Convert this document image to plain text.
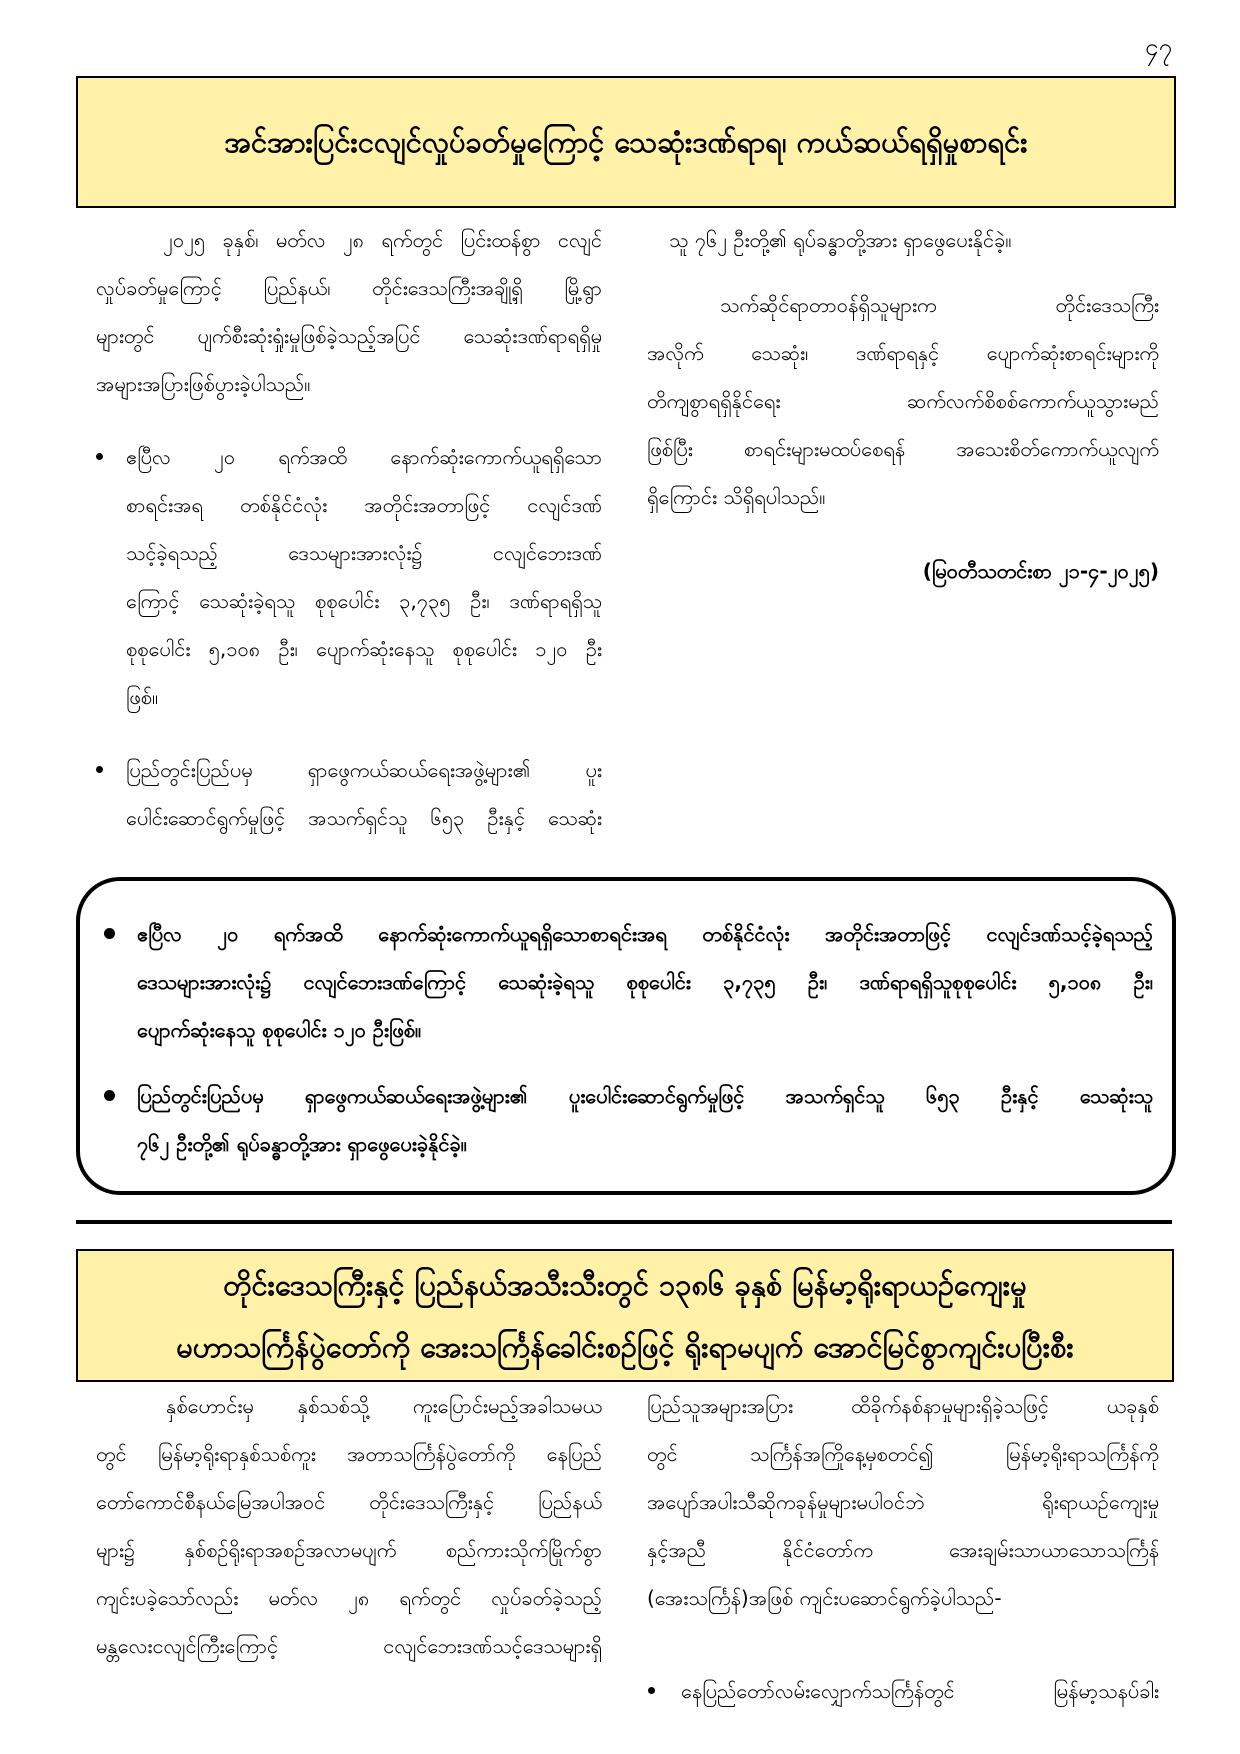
၄၇
အင်အားပြင်းငလျင်လှုပ်ခတ်မှုကြောင့် သေဆုံးဒဏ်ရာရ၊ ကယ်ဆယ်ရရှိမှုစာရင်း
၂၀၂၅ ခုနှစ်၊ မတ်လ ၂၈ ရက်တွင် ပြင်းထန်စွာ ငလျင်
လှုပ်ခတ်မှုကြောင့် ပြည်နယ်၊ တိုင်းဒေသကြီးအချို့ရှိ မြို့ရွာ
များတွင် ပျက်စီးဆုံးရှုံးမှုဖြစ်ခဲ့သည့်အပြင် သေဆုံးဒဏ်ရာရရှိမှု
အများအပြားဖြစ်ပွားခဲ့ပါသည်။
ဧပြီလ ၂၀ ရက်အထိ နောက်ဆုံးကောက်ယူရရှိသော
စာရင်းအရ တစ်နိုင်ငံလုံး အတိုင်းအတာဖြင့် ငလျင်ဒဏ်
သင့်ခဲ့ရသည့် ဒေသများအားလုံး၌ ငလျင်ဘေးဒဏ်
ကြောင့် သေဆုံးခဲ့ရသူ စုစုပေါင်း ၃,၇၃၅ ဦး၊ ဒဏ်ရာရရှိသူ
စုစုပေါင်း ၅,၁၀၈ ဦး၊ ပျောက်ဆုံးနေသူ စုစုပေါင်း ၁၂၀ ဦး
ဖြစ်။
ပြည်တွင်းပြည်ပမှ ရှာဖွေကယ်ဆယ်ရေးအဖွဲ့များ၏ ပူး
ပေါင်းဆောင်ရွက်မှုဖြင့် အသက်ရှင်သူ ၆၅၃ ဦးနှင့် သေဆုံး
သူ ၇၆၂ ဦးတို့၏ ရုပ်ခန္ဓာတို့အား ရှာဖွေပေးနိုင်ခဲ့။
သက်ဆိုင်ရာတာဝန်ရှိသူများက တိုင်းဒေသကြီး
အလိုက် သေဆုံး၊ ဒဏ်ရာရနှင့် ပျောက်ဆုံးစာရင်းများကို
တိကျစွာရရှိနိုင်ရေး ဆက်လက်စိစစ်ကောက်ယူသွားမည်
ဖြစ်ပြီး စာရင်းများမထပ်စေရန် အသေးစိတ်ကောက်ယူလျက်
ရှိကြောင်း သိရှိရပါသည်။
(မြဝတီသတင်းစာ ၂၁-၄-၂၀၂၅)
ဧပြီလ ၂၀ ရက်အထိ နောက်ဆုံးကောက်ယူရရှိသောစာရင်းအရ တစ်နိုင်ငံလုံး အတိုင်းအတာဖြင့် ငလျင်ဒဏ်သင့်ခဲ့ရသည့်
ဒေသများအားလုံး၌ ငလျင်ဘေးဒဏ်ကြောင့် သေဆုံးခဲ့ရသူ စုစုပေါင်း ၃,၇၃၅ ဦး၊ ဒဏ်ရာရရှိသူစုစုပေါင်း ၅,၁၀၈ ဦး၊
ပျောက်ဆုံးနေသူ စုစုပေါင်း ၁၂၀ ဦးဖြစ်။
ပြည်တွင်းပြည်ပမှ ရှာဖွေကယ်ဆယ်ရေးအဖွဲ့များ၏ ပူးပေါင်းဆောင်ရွက်မှုဖြင့် အသက်ရှင်သူ ၆၅၃ ဦးနှင့် သေဆုံးသူ
၇၆၂ ဦးတို့၏ ရုပ်ခန္ဓာတို့အား ရှာဖွေပေးခဲ့နိုင်ခဲ့။
တိုင်းဒေသကြီးနှင့် ပြည်နယ်အသီးသီးတွင် ၁၃၈၆ ခုနှစ် မြန်မာ့ရိုးရာယဉ်ကျေးမှု
မဟာသင်္ကြန်ပွဲတော်ကို အေးသင်္ကြန်ခေါင်းစဉ်ဖြင့် ရိုးရာမပျက် အောင်မြင်စွာကျင်းပပြီးစီး
နှစ်ဟောင်းမှ နှစ်သစ်သို့ ကူးပြောင်းမည့်အခါသမယ
တွင် မြန်မာ့ရိုးရာနှစ်သစ်ကူး အတာသင်္ကြန်ပွဲတော်ကို နေပြည်
တော်ကောင်စီနယ်မြေအပါအဝင် တိုင်းဒေသကြီးနှင့် ပြည်နယ်
များ၌ နှစ်စဉ်ရိုးရာအစဉ်အလာမပျက် စည်ကားသိုက်မြိုက်စွာ
ကျင်းပခဲ့သော်လည်း မတ်လ ၂၈ ရက်တွင် လှုပ်ခတ်ခဲ့သည့်
မန္တလေးငလျင်ကြီးကြောင့် ငလျင်ဘေးဒဏ်သင့်ဒေသများရှိ
ပြည်သူအများအပြား ထိခိုက်နစ်နာမှုများရှိခဲ့သဖြင့် ယခုနှစ်
တွင် သင်္ကြန်အကြိုနေ့မှစတင်၍ မြန်မာ့ရိုးရာသင်္ကြန်ကို
အပျော်အပါးသီဆိုကခုန်မှုများမပါဝင်ဘဲ ရိုးရာယဉ်ကျေးမှု
နှင့်အညီ နိုင်ငံတော်က အေးချမ်းသာယာသောသင်္ကြန်
(အေးသင်္ကြန်)အဖြစ် ကျင်းပဆောင်ရွက်ခဲ့ပါသည်-
နေပြည်တော်လမ်းလျှောက်သင်္ကြန်တွင် မြန်မာ့သနပ်ခါး
